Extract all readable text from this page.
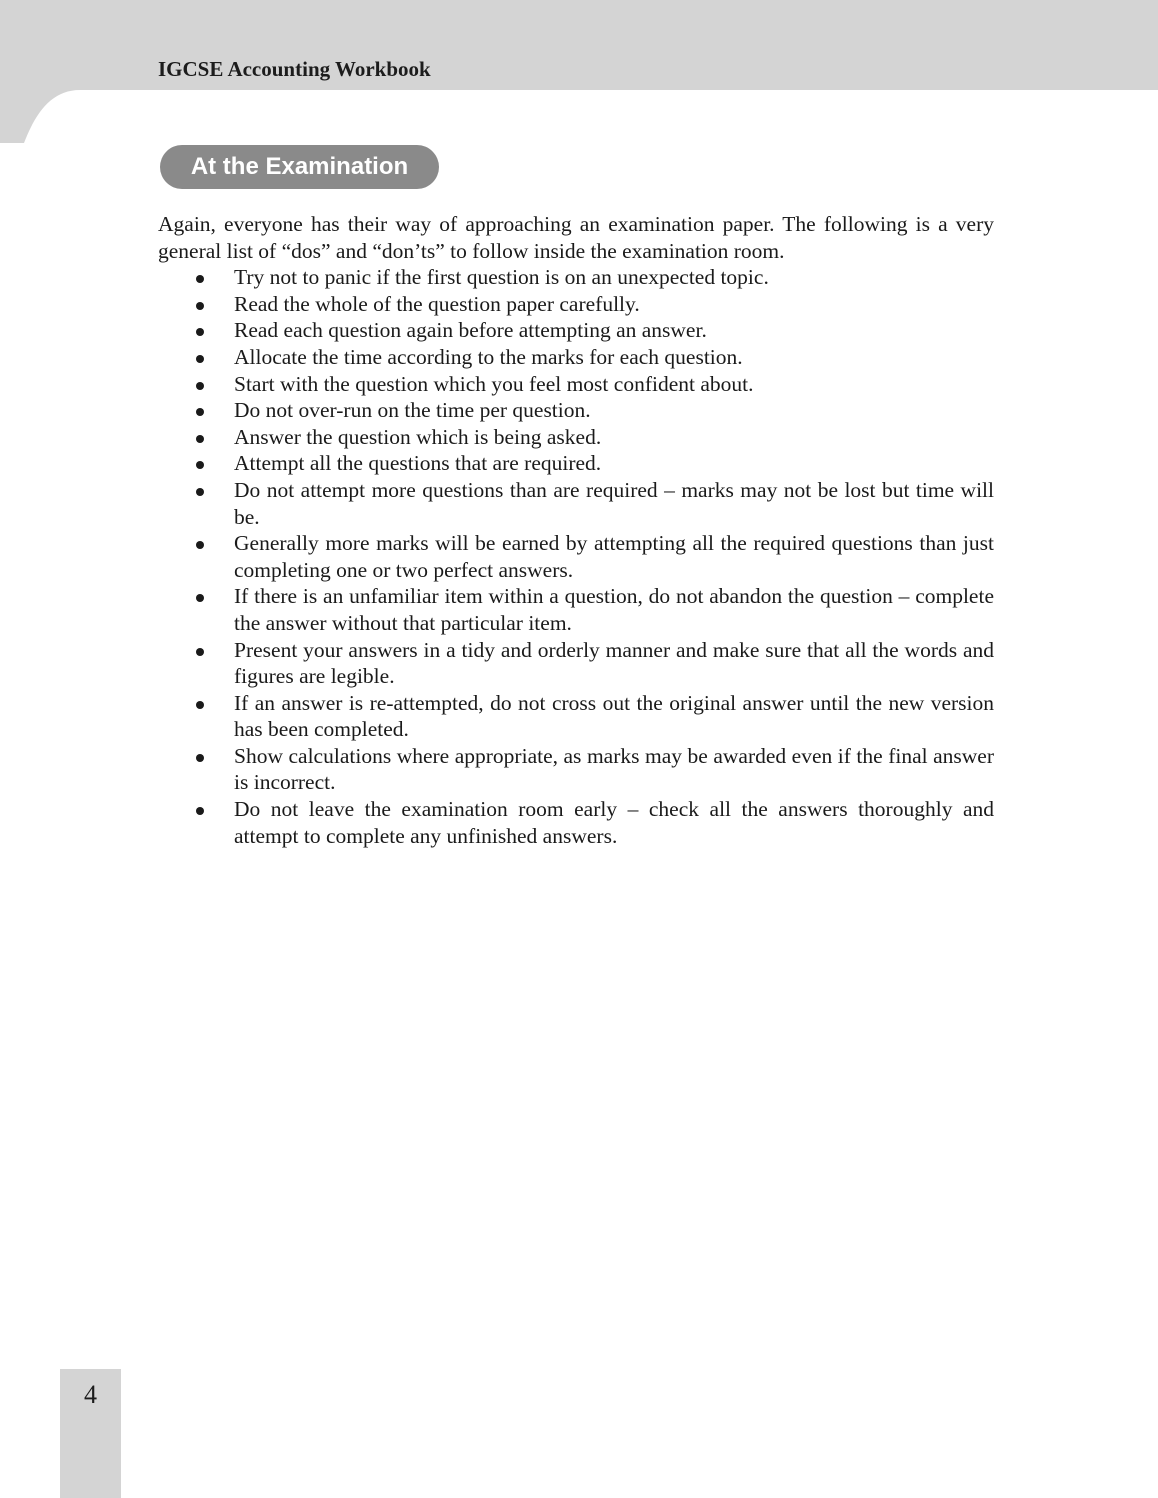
IGCSE Accounting Workbook

At the Examination

Again, everyone has their way of approaching an examination paper. The following is a very general list of “dos” and “don’ts” to follow inside the examination room.

Try not to panic if the first question is on an unexpected topic.
Read the whole of the question paper carefully.
Read each question again before attempting an answer.
Allocate the time according to the marks for each question.
Start with the question which you feel most confident about.
Do not over-run on the time per question.
Answer the question which is being asked.
Attempt all the questions that are required.
Do not attempt more questions than are required – marks may not be lost but time will be.
Generally more marks will be earned by attempting all the required questions than just completing one or two perfect answers.
If there is an unfamiliar item within a question, do not abandon the question – complete the answer without that particular item.
Present your answers in a tidy and orderly manner and make sure that all the words and figures are legible.
If an answer is re-attempted, do not cross out the original answer until the new version has been completed.
Show calculations where appropriate, as marks may be awarded even if the final answer is incorrect.
Do not leave the examination room early – check all the answers thoroughly and attempt to complete any unfinished answers.

4
